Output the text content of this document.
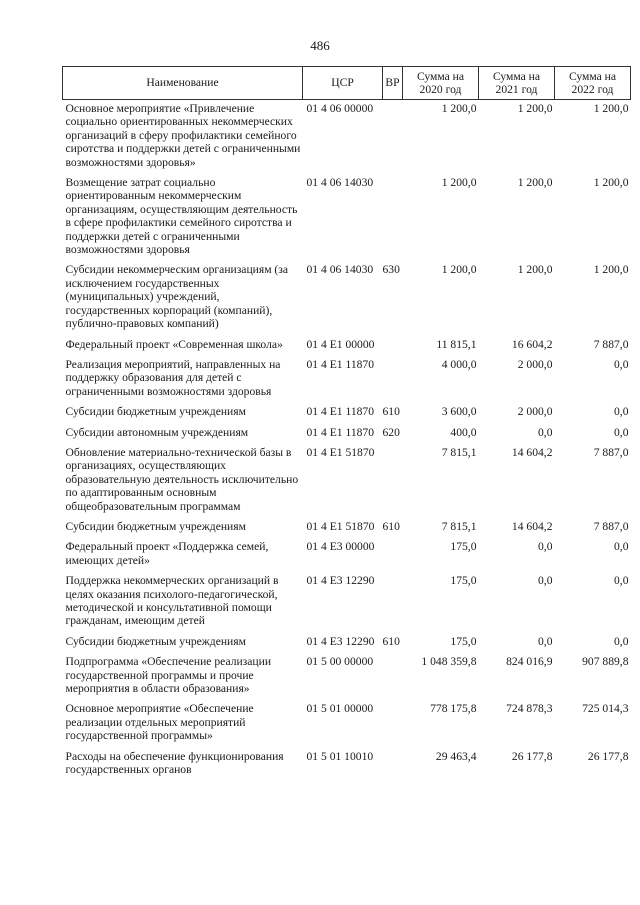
486
Наименование	ЦСР	ВР	Сумма на 2020 год	Сумма на 2021 год	Сумма на 2022 год
Основное мероприятие «Привлечение социально ориентированных некоммерческих организаций в сферу профилактики семейного сиротства и поддержки детей с ограниченными возможностями здоровья»	01 4 06 00000		1 200,0	1 200,0	1 200,0
Возмещение затрат социально ориентированным некоммерческим организациям, осуществляющим деятельность в сфере профилактики семейного сиротства и поддержки детей с ограниченными возможностями здоровья	01 4 06 14030		1 200,0	1 200,0	1 200,0
Субсидии некоммерческим организациям (за исключением государственных (муниципальных) учреждений, государственных корпораций (компаний), публично-правовых компаний)	01 4 06 14030	630	1 200,0	1 200,0	1 200,0
Федеральный проект «Современная школа»	01 4 E1 00000		11 815,1	16 604,2	7 887,0
Реализация мероприятий, направленных на поддержку образования для детей с ограниченными возможностями здоровья	01 4 E1 11870		4 000,0	2 000,0	0,0
Субсидии бюджетным учреждениям	01 4 E1 11870	610	3 600,0	2 000,0	0,0
Субсидии автономным учреждениям	01 4 E1 11870	620	400,0	0,0	0,0
Обновление материально-технической базы в организациях, осуществляющих образовательную деятельность исключительно по адаптированным основным общеобразовательным программам	01 4 E1 51870		7 815,1	14 604,2	7 887,0
Субсидии бюджетным учреждениям	01 4 E1 51870	610	7 815,1	14 604,2	7 887,0
Федеральный проект «Поддержка семей, имеющих детей»	01 4 E3 00000		175,0	0,0	0,0
Поддержка некоммерческих организаций в целях оказания психолого-педагогической, методической и консультативной помощи гражданам, имеющим детей	01 4 E3 12290		175,0	0,0	0,0
Субсидии бюджетным учреждениям	01 4 E3 12290	610	175,0	0,0	0,0
Подпрограмма «Обеспечение реализации государственной программы и прочие мероприятия в области образования»	01 5 00 00000		1 048 359,8	824 016,9	907 889,8
Основное мероприятие «Обеспечение реализации отдельных мероприятий государственной программы»	01 5 01 00000		778 175,8	724 878,3	725 014,3
Расходы на обеспечение функционирования государственных органов	01 5 01 10010		29 463,4	26 177,8	26 177,8
